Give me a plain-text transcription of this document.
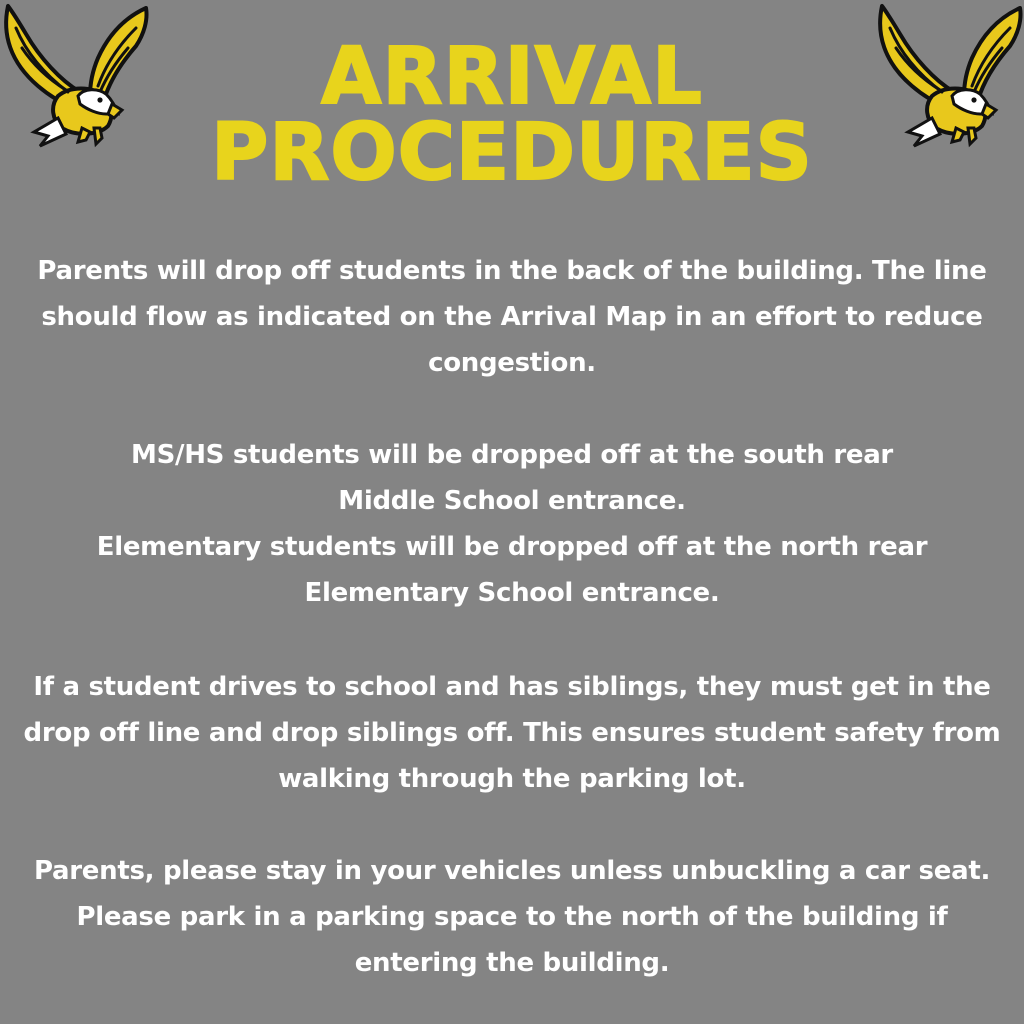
ARRIVAL
PROCEDURES

Parents will drop off students in the back of the building. The line
should flow as indicated on the Arrival Map in an effort to reduce
congestion.

MS/HS students will be dropped off at the south rear
Middle School entrance.
Elementary students will be dropped off at the north rear
Elementary School entrance.

If a student drives to school and has siblings, they must get in the
drop off line and drop siblings off. This ensures student safety from
walking through the parking lot.

Parents, please stay in your vehicles unless unbuckling a car seat.
Please park in a parking space to the north of the building if
entering the building.
